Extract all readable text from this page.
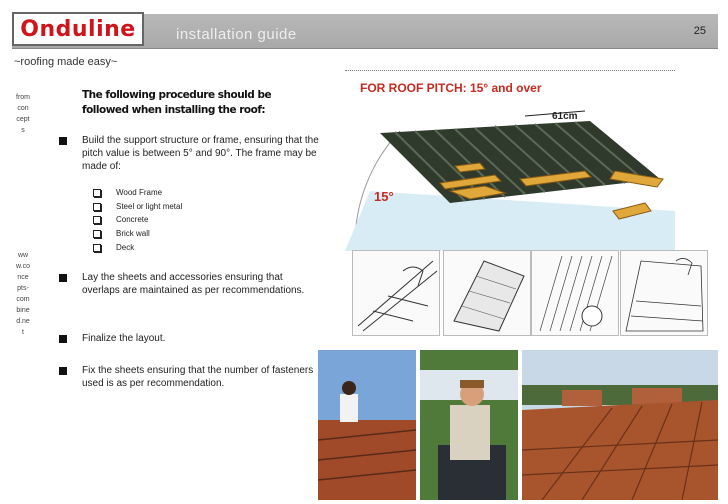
Onduline	installation guide	25
~roofing made easy~
from concepts
www.concepts-combined.net
The following procedure should be
followed when installing the roof:
Build the support structure or frame, ensuring that the pitch value is between 5° and 90°. The frame may be made of:
Wood Frame
Steel or light metal
Concrete
Brick wall
Deck
Lay the sheets and accessories ensuring that overlaps are maintained as per recommendations.
Finalize the layout.
Fix the sheets ensuring that the number of fasteners used is as per recommendation.
FOR ROOF PITCH: 15° and over
61cm
15°
